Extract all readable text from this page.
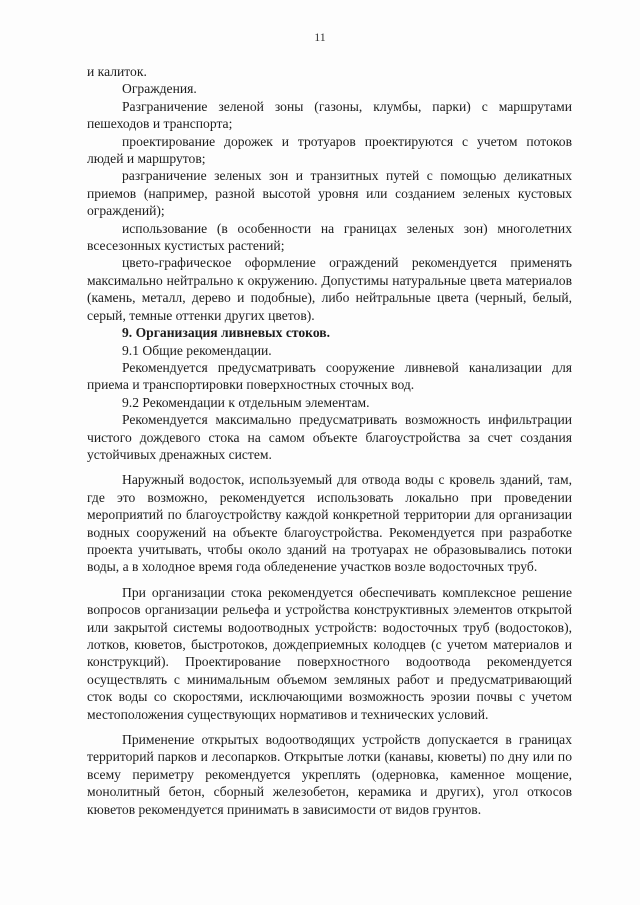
11

и калиток.

Ограждения.

Разграничение зеленой зоны (газоны, клумбы, парки) с маршрутами пешеходов и транспорта;

проектирование дорожек и тротуаров проектируются с учетом потоков людей и маршрутов;

разграничение зеленых зон и транзитных путей с помощью деликатных приемов (например, разной высотой уровня или созданием зеленых кустовых ограждений);

использование (в особенности на границах зеленых зон) многолетних всесезонных кустистых растений;

цвето-графическое оформление ограждений рекомендуется применять максимально нейтрально к окружению. Допустимы натуральные цвета материалов (камень, металл, дерево и подобные), либо нейтральные цвета (черный, белый, серый, темные оттенки других цветов).

9. Организация ливневых стоков.

9.1 Общие рекомендации.

Рекомендуется предусматривать сооружение ливневой канализации для приема и транспортировки поверхностных сточных вод.

9.2 Рекомендации к отдельным элементам.

Рекомендуется максимально предусматривать возможность инфильтрации чистого дождевого стока на самом объекте благоустройства за счет создания устойчивых дренажных систем.

Наружный водосток, используемый для отвода воды с кровель зданий, там, где это возможно, рекомендуется использовать локально при проведении мероприятий по благоустройству каждой конкретной территории для организации водных сооружений на объекте благоустройства. Рекомендуется при разработке проекта учитывать, чтобы около зданий на тротуарах не образовывались потоки воды, а в холодное время года обледенение участков возле водосточных труб.

При организации стока рекомендуется обеспечивать комплексное решение вопросов организации рельефа и устройства конструктивных элементов открытой или закрытой системы водоотводных устройств: водосточных труб (водостоков), лотков, кюветов, быстротоков, дождеприемных колодцев (с учетом материалов и конструкций). Проектирование поверхностного водоотвода рекомендуется осуществлять с минимальным объемом земляных работ и предусматривающий сток воды со скоростями, исключающими возможность эрозии почвы с учетом местоположения существующих нормативов и технических условий.

Применение открытых водоотводящих устройств допускается в границах территорий парков и лесопарков. Открытые лотки (канавы, кюветы) по дну или по всему периметру рекомендуется укреплять (одерновка, каменное мощение, монолитный бетон, сборный железобетон, керамика и других), угол откосов кюветов рекомендуется принимать в зависимости от видов грунтов.
